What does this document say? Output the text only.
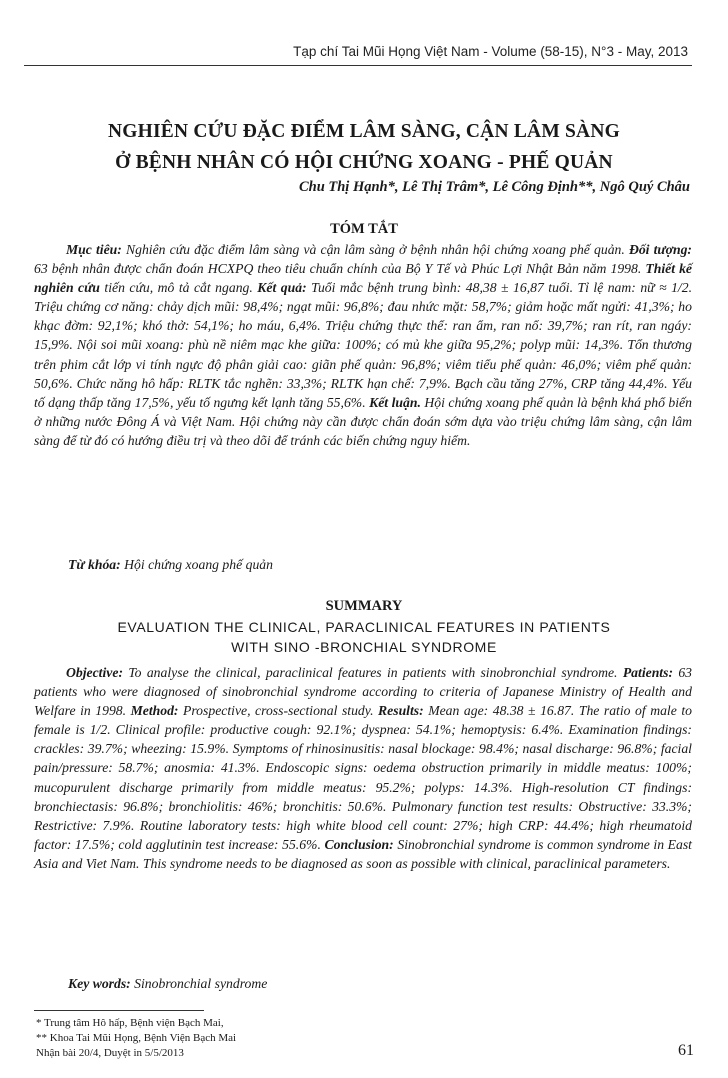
Tạp chí Tai Mũi Họng Việt Nam - Volume (58-15), N°3 - May, 2013
NGHIÊN CỨU ĐẶC ĐIỂM LÂM SÀNG, CẬN LÂM SÀNG
Ở BỆNH NHÂN CÓ HỘI CHỨNG XOANG - PHẾ QUẢN
Chu Thị Hạnh*, Lê Thị Trâm*, Lê Công Định**, Ngô Quý Châu
TÓM TẮT
Mục tiêu: Nghiên cứu đặc điểm lâm sàng và cận lâm sàng ở bệnh nhân hội chứng xoang phế quản. Đối tượng: 63 bệnh nhân được chẩn đoán HCXPQ theo tiêu chuẩn chính của Bộ Y Tế và Phúc Lợi Nhật Bản năm 1998. Thiết kế nghiên cứu tiến cứu, mô tả cắt ngang. Kết quả: Tuổi mắc bệnh trung bình: 48,38 ± 16,87 tuổi. Tỉ lệ nam: nữ ≈ 1/2. Triệu chứng cơ năng: chảy dịch mũi: 98,4%; ngạt mũi: 96,8%; đau nhức mặt: 58,7%; giảm hoặc mất ngửi: 41,3%; ho khạc đờm: 92,1%; khó thở: 54,1%; ho máu, 6,4%. Triệu chứng thực thể: ran ẩm, ran nổ: 39,7%; ran rít, ran ngáy: 15,9%. Nội soi mũi xoang: phù nề niêm mạc khe giữa: 100%; có mủ khe giữa 95,2%; polyp mũi: 14,3%. Tổn thương trên phim cắt lớp vi tính ngực độ phân giải cao: giãn phế quản: 96,8%; viêm tiểu phế quản: 46,0%; viêm phế quản: 50,6%. Chức năng hô hấp: RLTK tắc nghẽn: 33,3%; RLTK hạn chế: 7,9%. Bạch cầu tăng 27%, CRP tăng 44,4%. Yếu tố dạng thấp tăng 17,5%, yếu tố ngưng kết lạnh tăng 55,6%. Kết luận. Hội chứng xoang phế quản là bệnh khá phổ biến ở những nước Đông Á và Việt Nam. Hội chứng này cần được chẩn đoán sớm dựa vào triệu chứng lâm sàng, cận lâm sàng để từ đó có hướng điều trị và theo dõi để tránh các biến chứng nguy hiểm.
Từ khóa: Hội chứng xoang phế quản
SUMMARY
EVALUATION THE CLINICAL, PARACLINICAL FEATURES IN PATIENTS
WITH SINO -BRONCHIAL SYNDROME
Objective: To analyse the clinical, paraclinical features in patients with sinobronchial syndrome. Patients: 63 patients who were diagnosed of sinobronchial syndrome according to criteria of Japanese Ministry of Health and Welfare in 1998. Method: Prospective, cross-sectional study. Results: Mean age: 48.38 ± 16.87. The ratio of male to female is 1/2. Clinical profile: productive cough: 92.1%; dyspnea: 54.1%; hemoptysis: 6.4%. Examination findings: crackles: 39.7%; wheezing: 15.9%. Symptoms of rhinosinusitis: nasal blockage: 98.4%; nasal discharge: 96.8%; facial pain/pressure: 58.7%; anosmia: 41.3%. Endoscopic signs: oedema obstruction primarily in middle meatus: 100%; mucopurulent discharge primarily from middle meatus: 95.2%; polyps: 14.3%. High-resolution CT findings: bronchiectasis: 96.8%; bronchiolitis: 46%; bronchitis: 50.6%. Pulmonary function test results: Obstructive: 33.3%; Restrictive: 7.9%. Routine laboratory tests: high white blood cell count: 27%; high CRP: 44.4%; high rheumatoid factor: 17.5%; cold agglutinin test increase: 55.6%. Conclusion: Sinobronchial syndrome is common syndrome in East Asia and Viet Nam. This syndrome needs to be diagnosed as soon as possible with clinical, paraclinical parameters.
Key words: Sinobronchial syndrome
* Trung tâm Hô hấp, Bệnh viện Bạch Mai,
** Khoa Tai Mũi Họng, Bệnh Viện Bạch Mai
Nhận bài 20/4, Duyệt in 5/5/2013	61
